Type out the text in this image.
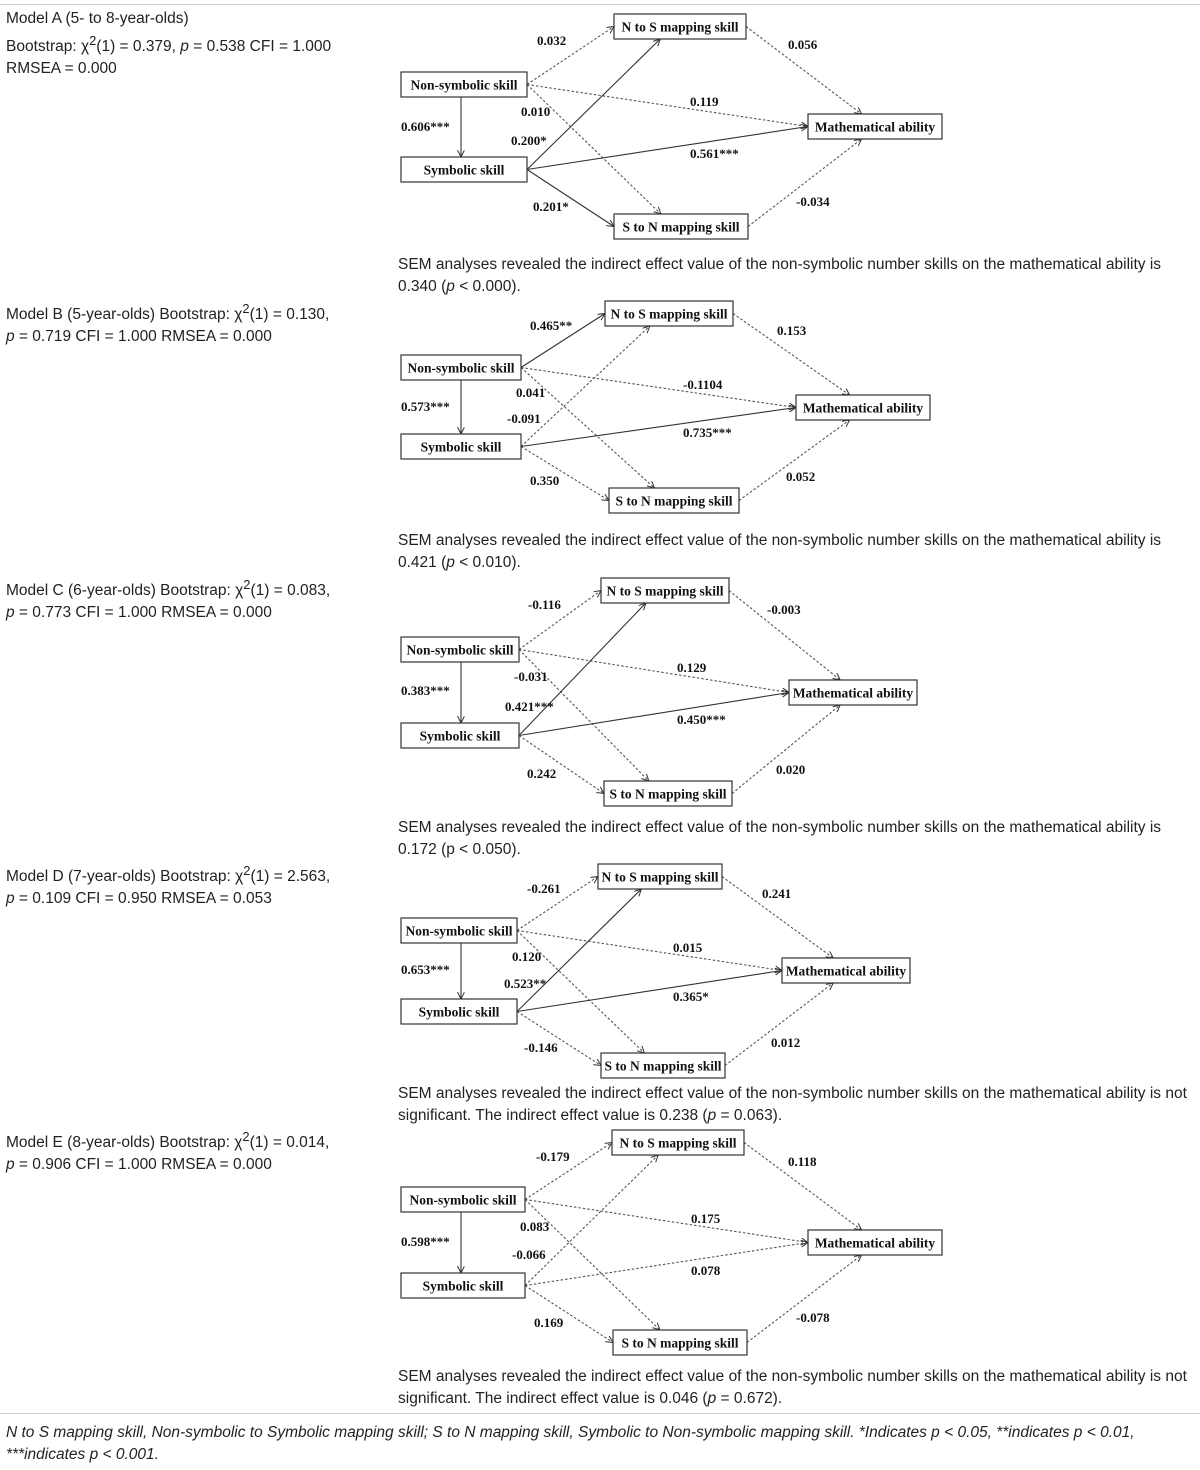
Model A (5- to 8-year-olds)
Bootstrap: $\chi^2(1) = 0.379$, p = 0.538 CFI = 1.000
RMSEA = 0.000
SEM analyses revealed the indirect effect value of the non-symbolic number skills on the mathematical ability is 0.340 (p < 0.000).
Model B (5-year-olds) Bootstrap: $\chi^2(1) = 0.130$,
p = 0.719 CFI = 1.000 RMSEA = 0.000
SEM analyses revealed the indirect effect value of the non-symbolic number skills on the mathematical ability is 0.421 (p < 0.010).
Model C (6-year-olds) Bootstrap: $\chi^2(1) = 0.083$,
p = 0.773 CFI = 1.000 RMSEA = 0.000
SEM analyses revealed the indirect effect value of the non-symbolic number skills on the mathematical ability is 0.172 (p < 0.050).
Model D (7-year-olds) Bootstrap: $\chi^2(1) = 2.563$,
p = 0.109 CFI = 0.950 RMSEA = 0.053
SEM analyses revealed the indirect effect value of the non-symbolic number skills on the mathematical ability is not significant. The indirect effect value is 0.238 (p = 0.063).
Model E (8-year-olds) Bootstrap: $\chi^2(1) = 0.014$,
p = 0.906 CFI = 1.000 RMSEA = 0.000
SEM analyses revealed the indirect effect value of the non-symbolic number skills on the mathematical ability is not significant. The indirect effect value is 0.046 (p = 0.672).
0.032	0.056
0.119
0.606***
0.010
0.200*
0.561***
0.201*	-0.034
Non-symbolic skill
Symbolic skill
N to S mapping skill
S to N mapping skill
Mathematical ability
0.465**	0.153
-0.1104
0.573***
0.041
-0.091
0.735***
0.350	0.052
Non-symbolic skill
Symbolic skill
N to S mapping skill
S to N mapping skill
Mathematical ability
-0.116	-0.003
0.129
0.383***
-0.031
0.421***
0.450***
0.242	0.020
Non-symbolic skill
Symbolic skill
N to S mapping skill
S to N mapping skill
Mathematical ability
-0.261	0.241
0.015
0.653***
0.120
0.523**
0.365*
-0.146	0.012
Non-symbolic skill
Symbolic skill
N to S mapping skill
S to N mapping skill
Mathematical ability
-0.179	0.118
0.175
0.598***
0.083
-0.066
0.078
0.169	-0.078
Non-symbolic skill
Symbolic skill
N to S mapping skill
S to N mapping skill
Mathematical ability
N to S mapping skill, Non-symbolic to Symbolic mapping skill; S to N mapping skill, Symbolic to Non-symbolic mapping skill. *Indicates p < 0.05, **indicates p < 0.01, ***indicates p < 0.001.
